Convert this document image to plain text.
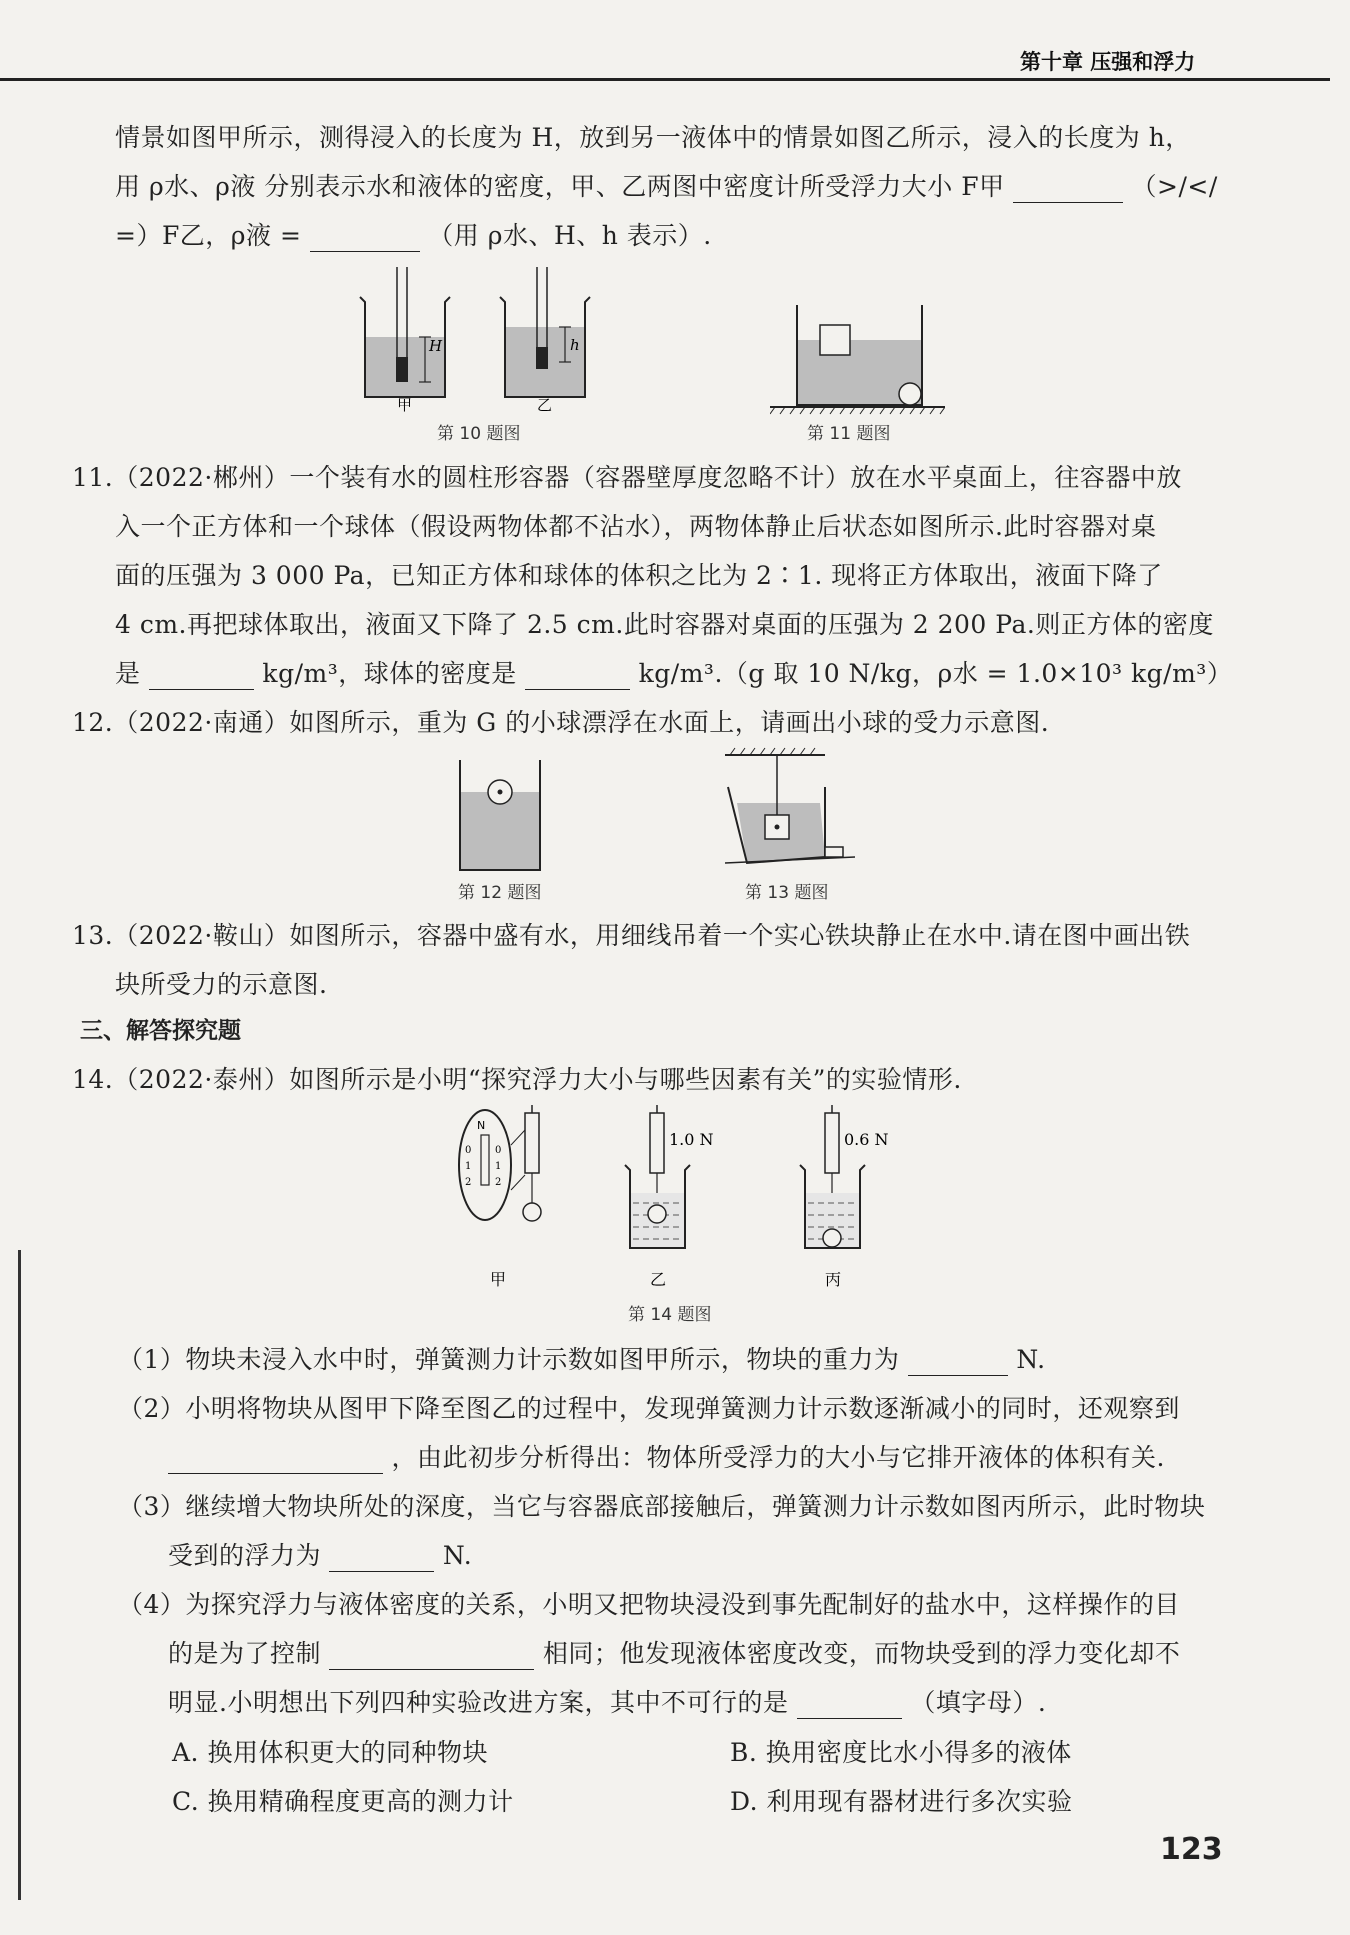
第十章 压强和浮力
情景如图甲所示，测得浸入的长度为 H，放到另一液体中的情景如图乙所示，浸入的长度为 h，
用 ρ水、ρ液 分别表示水和液体的密度，甲、乙两图中密度计所受浮力大小 F甲	（>/</
=）F乙，ρ液 =	（用 ρ水、H、h 表示）.
H
甲
h
乙
第 10 题图	第 11 题图
11.（2022·郴州）一个装有水的圆柱形容器（容器壁厚度忽略不计）放在水平桌面上，往容器中放
入一个正方体和一个球体（假设两物体都不沾水），两物体静止后状态如图所示.此时容器对桌
面的压强为 3 000 Pa，已知正方体和球体的体积之比为 2∶1. 现将正方体取出，液面下降了
4 cm.再把球体取出，液面又下降了 2.5 cm.此时容器对桌面的压强为 2 200 Pa.则正方体的密度
是	kg/m³，球体的密度是	kg/m³.（g 取 10 N/kg，ρ水 = 1.0×10³ kg/m³）
12.（2022·南通）如图所示，重为 G 的小球漂浮在水面上，请画出小球的受力示意图.
第 12 题图	第 13 题图
13.（2022·鞍山）如图所示，容器中盛有水，用细线吊着一个实心铁块静止在水中.请在图中画出铁
块所受力的示意图.
三、解答探究题
14.（2022·泰州）如图所示是小明“探究浮力大小与哪些因素有关”的实验情形.
N
0
1
2
0
1
2
甲
1.0 N
乙
0.6 N
丙
第 14 题图
（1）物块未浸入水中时，弹簧测力计示数如图甲所示，物块的重力为	N.
（2）小明将物块从图甲下降至图乙的过程中，发现弹簧测力计示数逐渐减小的同时，还观察到
，由此初步分析得出：物体所受浮力的大小与它排开液体的体积有关.
（3）继续增大物块所处的深度，当它与容器底部接触后，弹簧测力计示数如图丙所示，此时物块
受到的浮力为	N.
（4）为探究浮力与液体密度的关系，小明又把物块浸没到事先配制好的盐水中，这样操作的目
的是为了控制	相同；他发现液体密度改变，而物块受到的浮力变化却不
明显.小明想出下列四种实验改进方案，其中不可行的是	（填字母）.
A. 换用体积更大的同种物块	B. 换用密度比水小得多的液体
C. 换用精确程度更高的测力计	D. 利用现有器材进行多次实验
123
